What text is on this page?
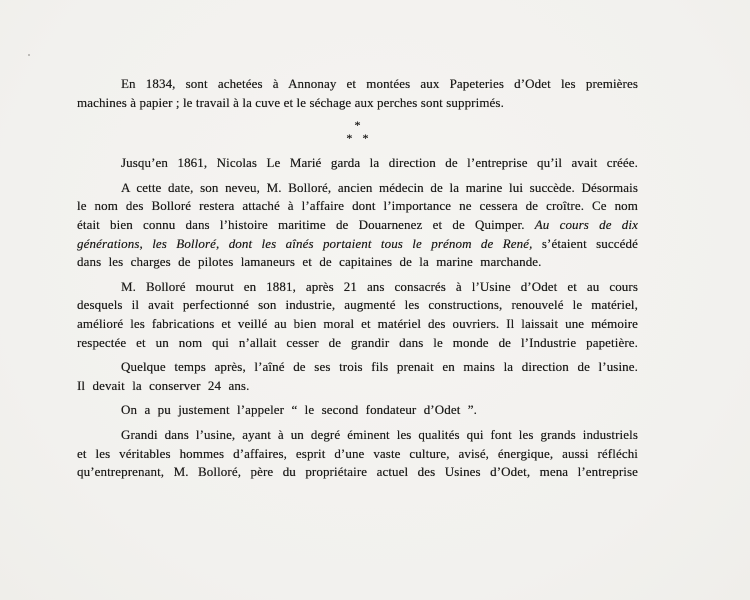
En 1834, sont achetées à Annonay et montées aux Papeteries d’Odet les premières
machines à papier ; le travail à la cuve et le séchage aux perches sont supprimés.
*
* *
Jusqu’en 1861, Nicolas Le Marié garda la direction de l’entreprise qu’il avait créée.
A cette date, son neveu, M. Bolloré, ancien médecin de la marine lui succède. Désormais
le nom des Bolloré restera attaché à l’affaire dont l’importance ne cessera de croître. Ce nom
était bien connu dans l’histoire maritime de Douarnenez et de Quimper. Au cours de dix
générations, les Bolloré, dont les aînés portaient tous le prénom de René, s’étaient succédé
dans les charges de pilotes lamaneurs et de capitaines de la marine marchande.
M. Bolloré mourut en 1881, après 21 ans consacrés à l’Usine d’Odet et au cours
desquels il avait perfectionné son industrie, augmenté les constructions, renouvelé le matériel,
amélioré les fabrications et veillé au bien moral et matériel des ouvriers. Il laissait une mémoire
respectée et un nom qui n’allait cesser de grandir dans le monde de l’Industrie papetière.
Quelque temps après, l’aîné de ses trois fils prenait en mains la direction de l’usine.
Il devait la conserver 24 ans.
On a pu justement l’appeler “ le second fondateur d’Odet ”.
Grandi dans l’usine, ayant à un degré éminent les qualités qui font les grands industriels
et les véritables hommes d’affaires, esprit d’une vaste culture, avisé, énergique, aussi réfléchi
qu’entreprenant, M. Bolloré, père du propriétaire actuel des Usines d’Odet, mena l’entreprise
